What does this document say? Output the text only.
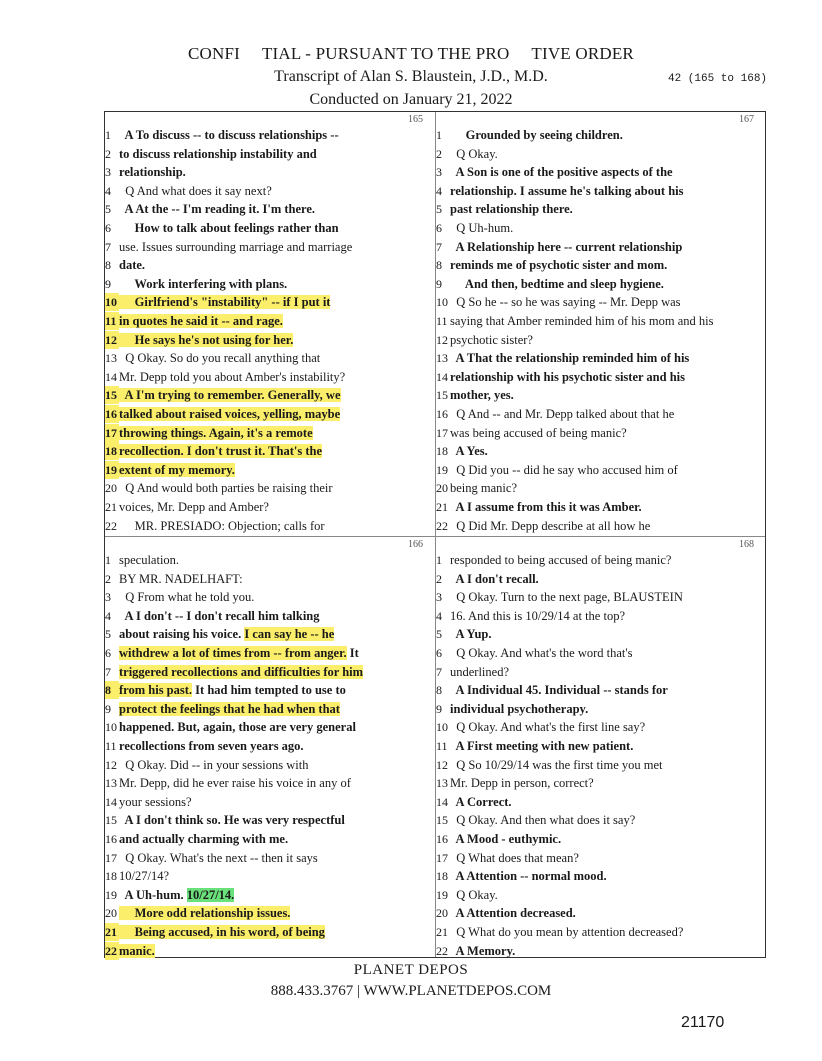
CONFI     TIAL - PURSUANT TO THE PRO     TIVE ORDER
Transcript of Alan S. Blaustein, J.D., M.D.
Conducted on January 21, 2022
42 (165 to 168)
165
1  A To discuss -- to discuss relationships --
2 to discuss relationship instability and
3 relationship.
4  Q And what does it say next?
5  A At the -- I'm reading it. I'm there.
6     How to talk about feelings rather than
7 use. Issues surrounding marriage and marriage
8 date.
9     Work interfering with plans.
10     Girlfriend's "instability" -- if I put it
11 in quotes he said it -- and rage.
12     He says he's not using for her.
13  Q Okay. So do you recall anything that
14 Mr. Depp told you about Amber's instability?
15  A I'm trying to remember. Generally, we
16 talked about raised voices, yelling, maybe
17 throwing things. Again, it's a remote
18 recollection. I don't trust it. That's the
19 extent of my memory.
20  Q And would both parties be raising their
21 voices, Mr. Depp and Amber?
22     MR. PRESIADO: Objection; calls for
167
1     Grounded by seeing children.
2  Q Okay.
3  A Son is one of the positive aspects of the
4 relationship. I assume he's talking about his
5 past relationship there.
6  Q Uh-hum.
7  A Relationship here -- current relationship
8 reminds me of psychotic sister and mom.
9     And then, bedtime and sleep hygiene.
10  Q So he -- so he was saying -- Mr. Depp was
11 saying that Amber reminded him of his mom and his
12 psychotic sister?
13  A That the relationship reminded him of his
14 relationship with his psychotic sister and his
15 mother, yes.
16  Q And -- and Mr. Depp talked about that he
17 was being accused of being manic?
18  A Yes.
19  Q Did you -- did he say who accused him of
20 being manic?
21  A I assume from this it was Amber.
22  Q Did Mr. Depp describe at all how he
166
1 speculation.
2 BY MR. NADELHAFT:
3  Q From what he told you.
4  A I don't -- I don't recall him talking
5 about raising his voice. I can say he -- he
6 withdrew a lot of times from -- from anger. It
7 triggered recollections and difficulties for him
8 from his past. It had him tempted to use to
9 protect the feelings that he had when that
10 happened. But, again, those are very general
11 recollections from seven years ago.
12  Q Okay. Did -- in your sessions with
13 Mr. Depp, did he ever raise his voice in any of
14 your sessions?
15  A I don't think so. He was very respectful
16 and actually charming with me.
17  Q Okay. What's the next -- then it says
18 10/27/14?
19  A Uh-hum. 10/27/14.
20     More odd relationship issues.
21     Being accused, in his word, of being
22 manic.
168
1 responded to being accused of being manic?
2  A I don't recall.
3  Q Okay. Turn to the next page, BLAUSTEIN
4 16. And this is 10/29/14 at the top?
5  A Yup.
6  Q Okay. And what's the word that's
7 underlined?
8  A Individual 45. Individual -- stands for
9 individual psychotherapy.
10  Q Okay. And what's the first line say?
11  A First meeting with new patient.
12  Q So 10/29/14 was the first time you met
13 Mr. Depp in person, correct?
14  A Correct.
15  Q Okay. And then what does it say?
16  A Mood - euthymic.
17  Q What does that mean?
18  A Attention -- normal mood.
19  Q Okay.
20  A Attention decreased.
21  Q What do you mean by attention decreased?
22  A Memory.
PLANET DEPOS
888.433.3767 | WWW.PLANETDEPOS.COM
21170
